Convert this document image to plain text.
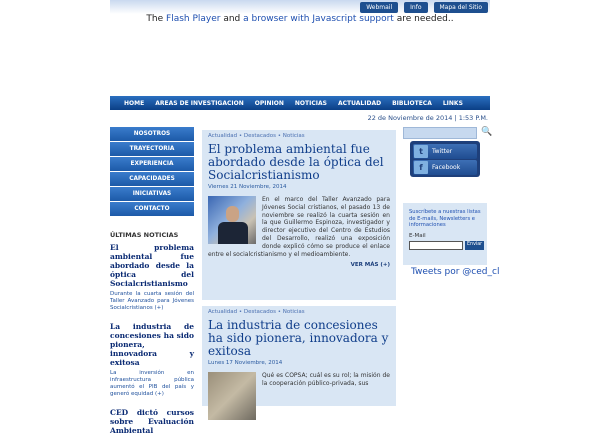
Webmail	Info	Mapa del Sitio
The Flash Player and a browser with Javascript support are needed..
HOME AREAS DE INVESTIGACION OPINION NOTICIAS ACTUALIDAD BIBLIOTECA LINKS
22 de Noviembre de 2014 | 1:53 P.M.
NOSOTROS
TRAYECTORIA
EXPERIENCIA
CAPACIDADES
INICIATIVAS
CONTACTO
ÚLTIMAS NOTICIAS
El problema ambiental fue abordado desde la óptica del Socialcristianismo
Durante la cuarta sesión del Taller Avanzado para Jóvenes Socialcristianos (+)
La industria de concesiones ha sido pionera, innovadora y exitosa
La inversión en infraestructura pública aumentó el PIB del país y generó equidad (+)
CED dictó cursos sobre Evaluación Ambiental
Actualidad • Destacados • Noticias
El problema ambiental fue abordado desde la óptica del Socialcristianismo
Viernes 21 Noviembre, 2014
En el marco del Taller Avanzado para Jóvenes Social cristianos, el pasado 13 de noviembre se realizó la cuarta sesión en la que Guillermo Espinoza, investigador y director ejecutivo del Centro de Estudios del Desarrollo, realizó una exposición donde explicó cómo se produce el enlace entre el socialcristianismo y el medioambiente.
VER MÁS (+)
Actualidad • Destacados • Noticias
La industria de concesiones ha sido pionera, innovadora y exitosa
Lunes 17 Noviembre, 2014
Qué es COPSA; cuál es su rol; la misión de la cooperación público-privada, sus
🔍
t	Twitter
f	Facebook
Suscríbete a nuestras listas de E-mails, Newsletters e informaciones
E-Mail
Enviar
Tweets por @ced_cl
